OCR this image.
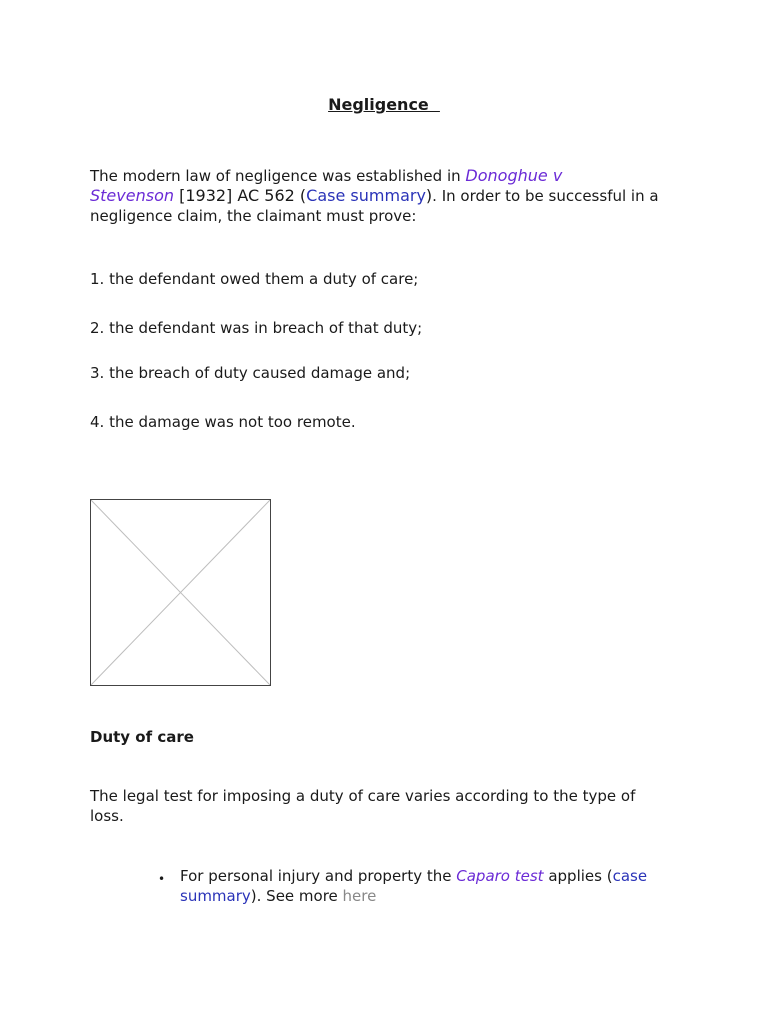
Negligence
The modern law of negligence was established in Donoghue v
Stevenson [1932] AC 562 (Case summary). In order to be successful in a negligence claim, the claimant must prove:
1. the defendant owed them a duty of care;
2. the defendant was in breach of that duty;
3. the breach of duty caused damage and;
4. the damage was not too remote.
Duty of care
The legal test for imposing a duty of care varies according to the type of loss.
• For personal injury and property the Caparo test applies (case summary). See more here
